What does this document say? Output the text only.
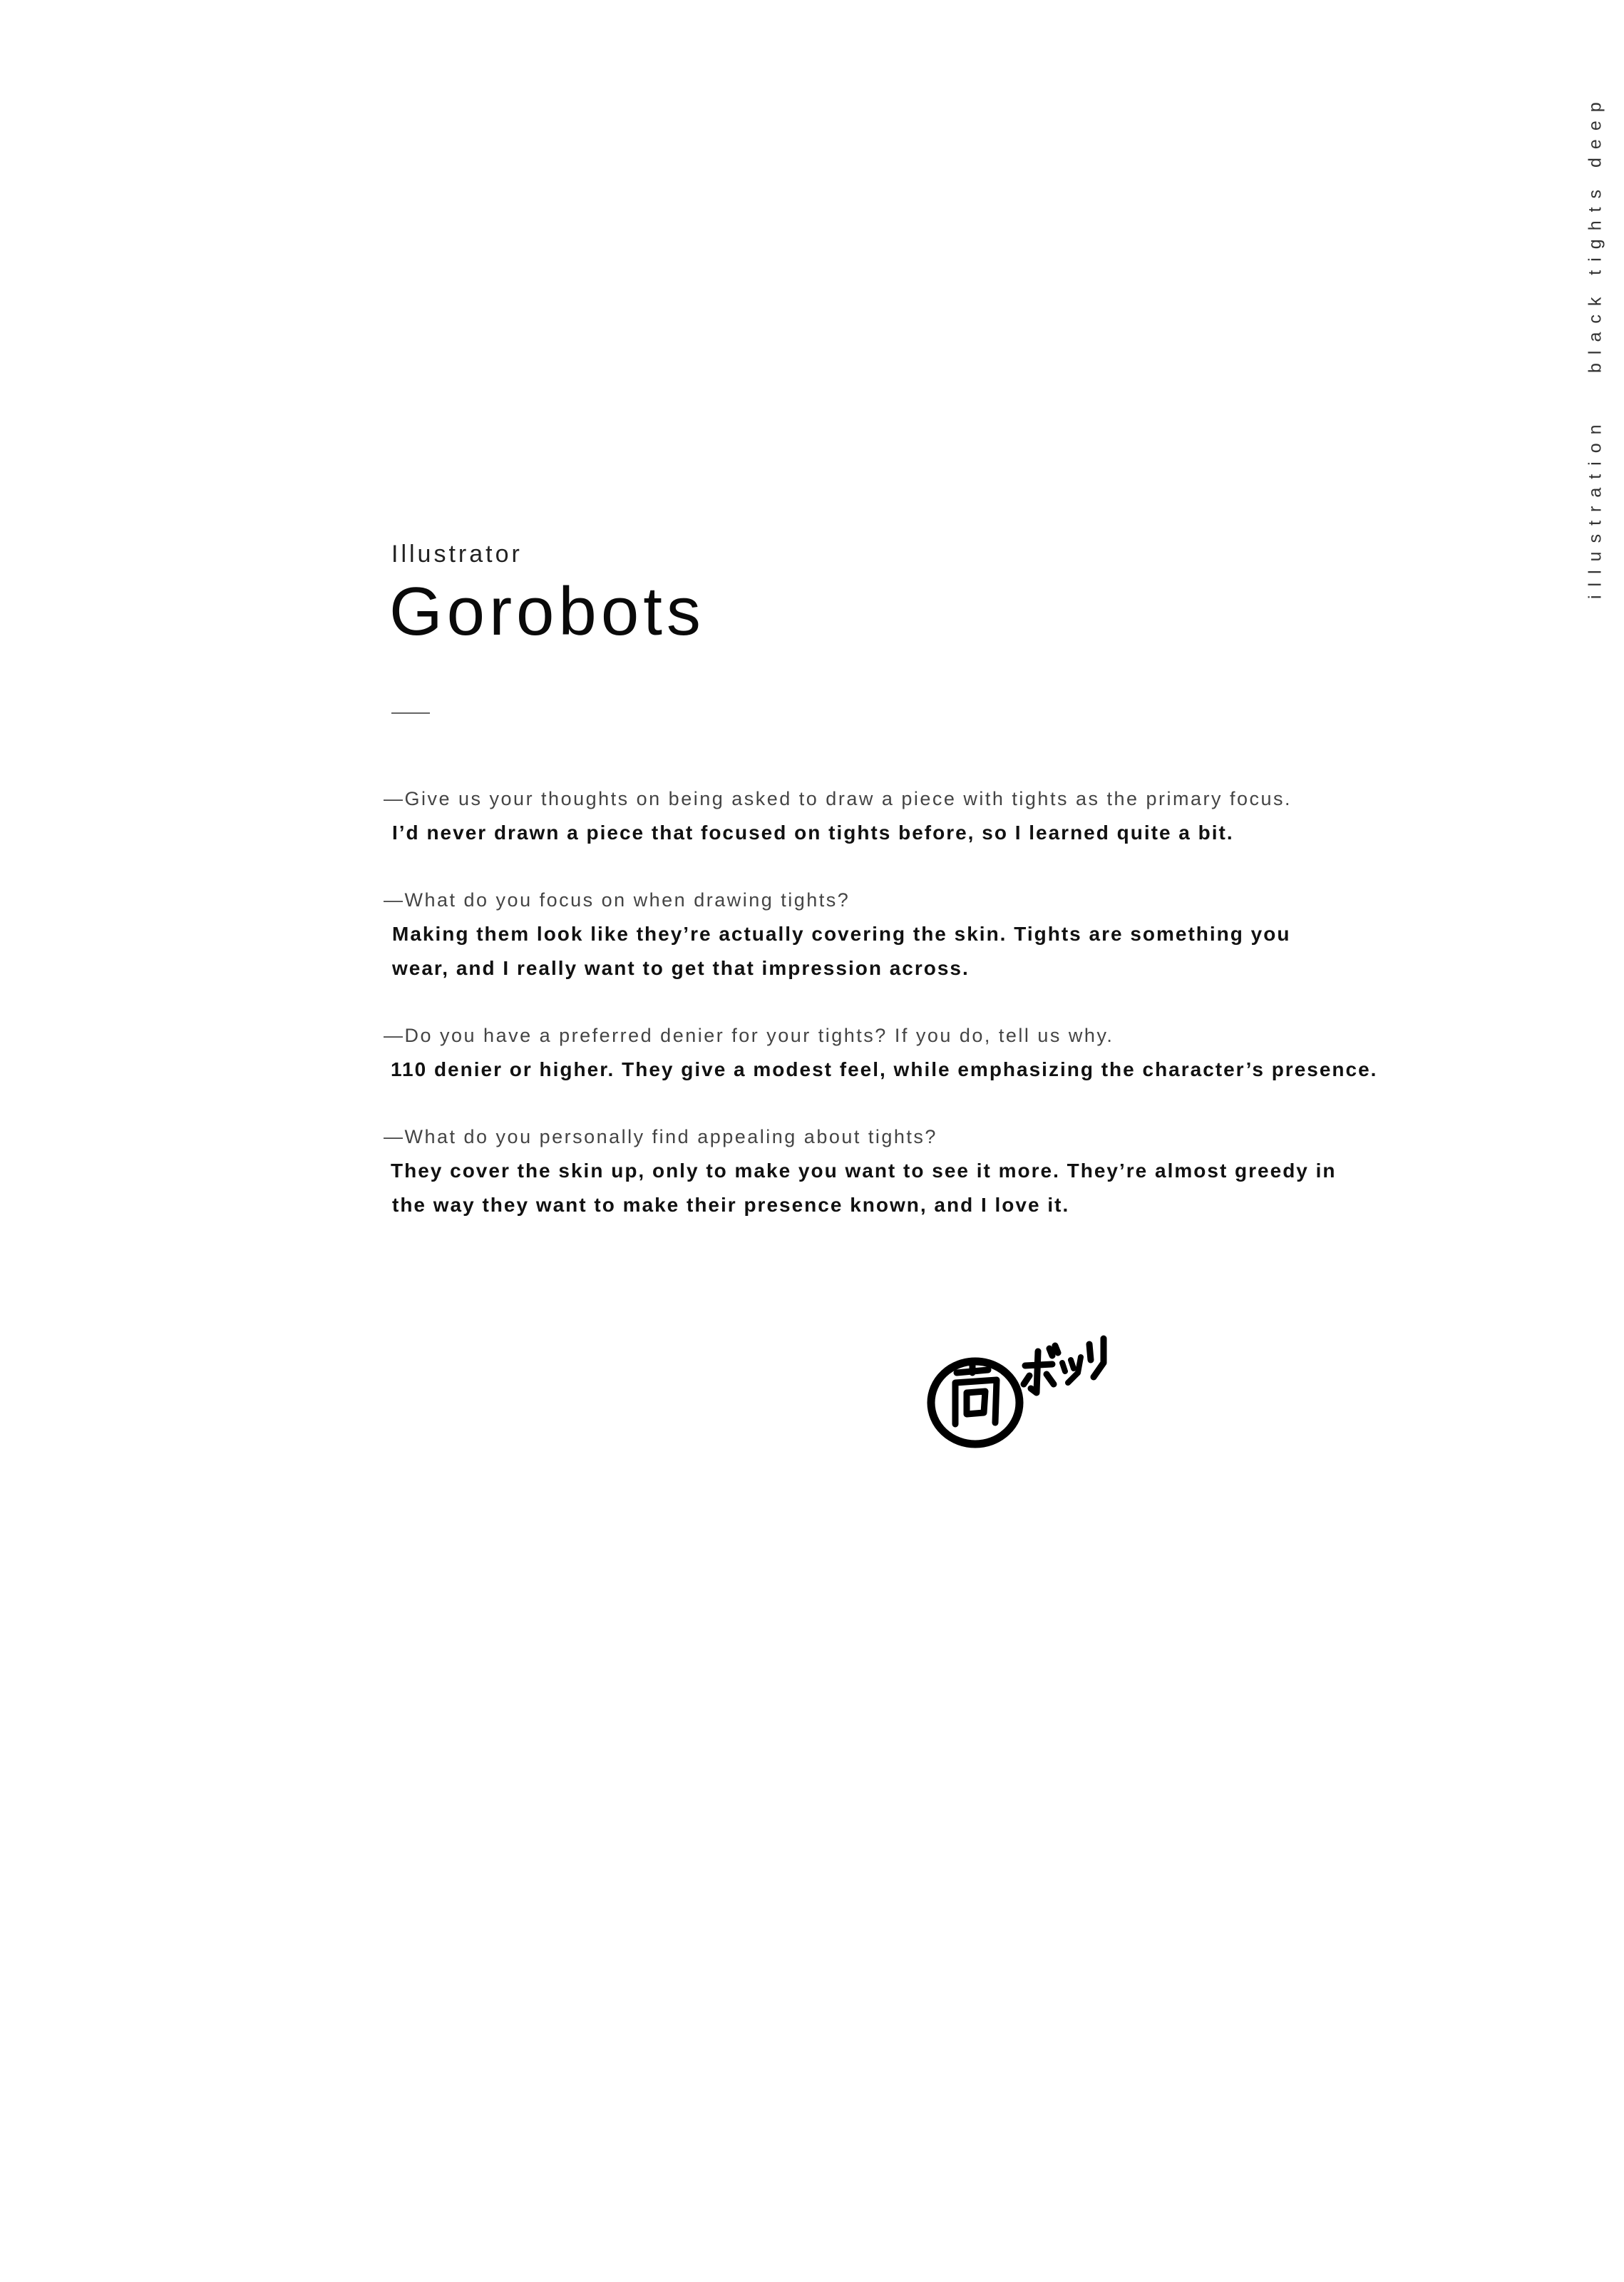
illustration
black tights deep
Illustrator
Gorobots
—Give us your thoughts on being asked to draw a piece with tights as the primary focus.
I’d never drawn a piece that focused on tights before, so I learned quite a bit.
—What do you focus on when drawing tights?
Making them look like they’re actually covering the skin. Tights are something you
wear, and I really want to get that impression across.
—Do you have a preferred denier for your tights? If you do, tell us why.
110 denier or higher. They give a modest feel, while emphasizing the character’s presence.
—What do you personally find appealing about tights?
They cover the skin up, only to make you want to see it more. They’re almost greedy in
the way they want to make their presence known, and I love it.
